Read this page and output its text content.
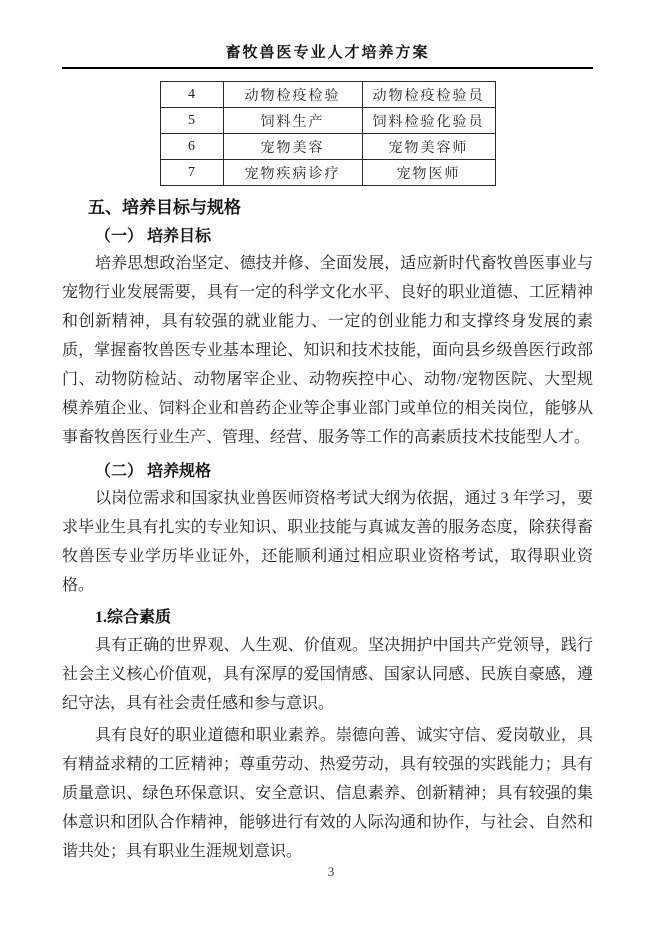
畜牧兽医专业人才培养方案
4	动物检疫检验	动物检疫检验员
5	饲料生产	饲料检验化验员
6	宠物美容	宠物美容师
7	宠物疾病诊疗	宠物医师
五、培养目标与规格
（一） 培养目标

培养思想政治坚定、德技并修、全面发展，适应新时代畜牧兽医事业与宠物行业发展需要，具有一定的科学文化水平、良好的职业道德、工匠精神和创新精神，具有较强的就业能力、一定的创业能力和支撑终身发展的素质，掌握畜牧兽医专业基本理论、知识和技术技能，面向县乡级兽医行政部门、动物防检站、动物屠宰企业、动物疾控中心、动物/宠物医院、大型规模养殖企业、饲料企业和兽药企业等企事业部门或单位的相关岗位，能够从事畜牧兽医行业生产、管理、经营、服务等工作的高素质技术技能型人才。

（二） 培养规格

以岗位需求和国家执业兽医师资格考试大纲为依据，通过 3 年学习，要求毕业生具有扎实的专业知识、职业技能与真诚友善的服务态度，除获得畜牧兽医专业学历毕业证外，还能顺利通过相应职业资格考试，取得职业资格。

1.综合素质

具有正确的世界观、人生观、价值观。坚决拥护中国共产党领导，践行社会主义核心价值观，具有深厚的爱国情感、国家认同感、民族自豪感，遵纪守法，具有社会责任感和参与意识。

具有良好的职业道德和职业素养。崇德向善、诚实守信、爱岗敬业，具有精益求精的工匠精神；尊重劳动、热爱劳动，具有较强的实践能力；具有质量意识、绿色环保意识、安全意识、信息素养、创新精神；具有较强的集体意识和团队合作精神，能够进行有效的人际沟通和协作，与社会、自然和谐共处；具有职业生涯规划意识。

3
